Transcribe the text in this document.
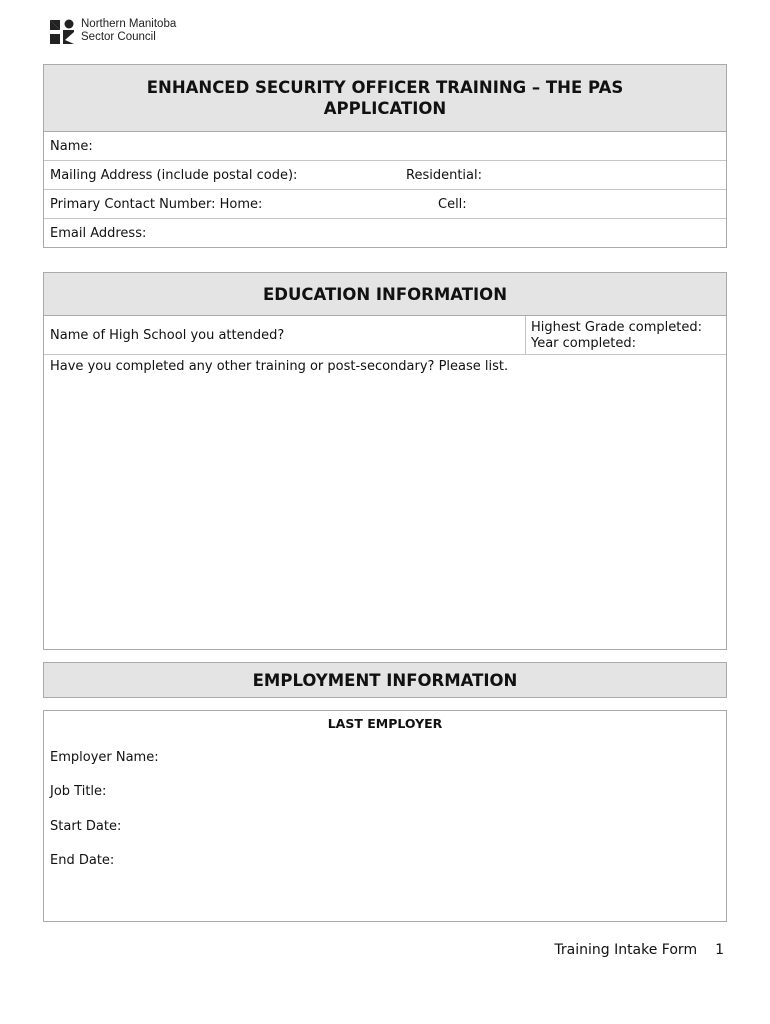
Northern Manitoba
Sector Council
ENHANCED SECURITY OFFICER TRAINING – THE PAS APPLICATION
Name:
Mailing Address (include postal code):	Residential:
Primary Contact Number: Home:	Cell:
Email Address:
EDUCATION INFORMATION
Name of High School you attended?
Highest Grade completed:
Year completed:
Have you completed any other training or post-secondary? Please list.
EMPLOYMENT INFORMATION
LAST EMPLOYER
Employer Name:
Job Title:
Start Date:
End Date:
Training Intake Form 1
